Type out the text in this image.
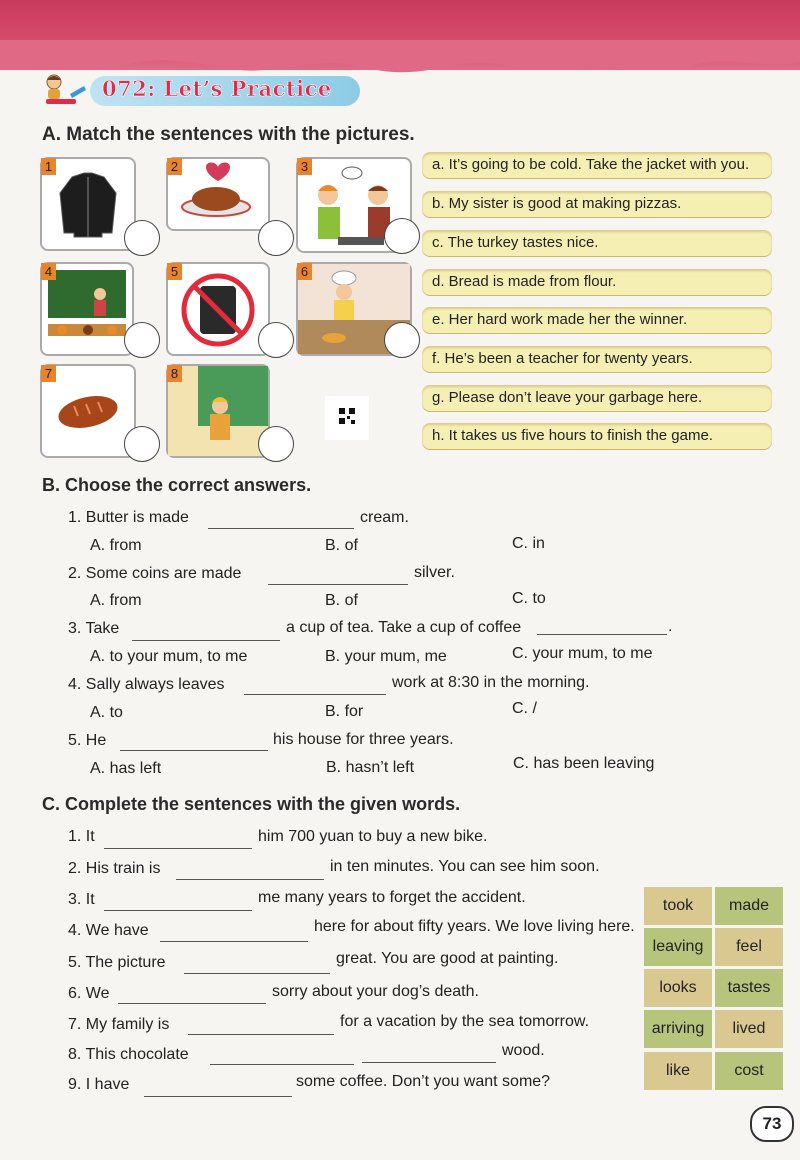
072: Let’s Practice
A. Match the sentences with the pictures.
1	2	3
4	5	6
7	8
a. It’s going to be cold. Take the jacket with you.
b. My sister is good at making pizzas.
c. The turkey tastes nice.
d. Bread is made from flour.
e. Her hard work made her the winner.
f. He’s been a teacher for twenty years.
g. Please don’t leave your garbage here.
h. It takes us five hours to finish the game.
B. Choose the correct answers.
1. Butter is made	cream.
A. from	B. of	C. in
2. Some coins are made	silver.
A. from	B. of	C. to
3. Take	a cup of tea. Take a cup of coffee	.
A. to your mum, to me	B. your mum, me	C. your mum, to me
4. Sally always leaves	work at 8:30 in the morning.
A. to	B. for	C. /
5. He	his house for three years.
A. has left	B. hasn’t left	C. has been leaving
C. Complete the sentences with the given words.
1. It	him 700 yuan to buy a new bike.
2. His train is	in ten minutes. You can see him soon.
3. It	me many years to forget the accident.
4. We have	here for about fifty years. We love living here.
5. The picture	great. You are good at painting.
6. We	sorry about your dog’s death.
7. My family is	for a vacation by the sea tomorrow.
8. This chocolate	wood.
9. I have	some coffee. Don’t you want some?
took	made
leaving	feel
looks	tastes
arriving	lived
like	cost
73
